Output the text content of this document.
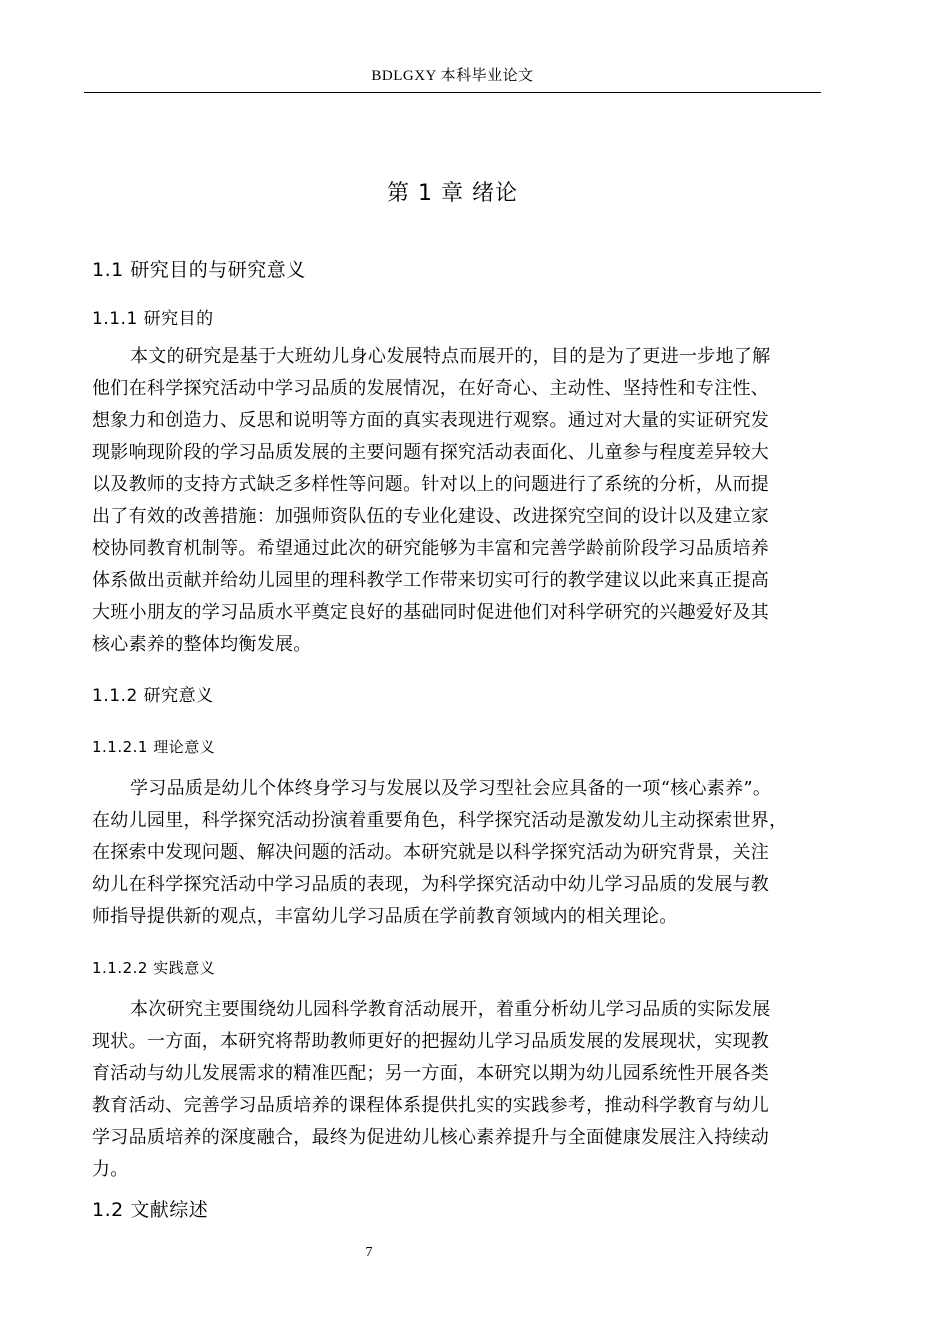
BDLGXY 本科毕业论文
第 1 章 绪论
1.1 研究目的与研究意义
1.1.1 研究目的
本文的研究是基于大班幼儿身心发展特点而展开的，目的是为了更进一步地了解
他们在科学探究活动中学习品质的发展情况，在好奇心、主动性、坚持性和专注性、
想象力和创造力、反思和说明等方面的真实表现进行观察。通过对大量的实证研究发
现影响现阶段的学习品质发展的主要问题有探究活动表面化、儿童参与程度差异较大
以及教师的支持方式缺乏多样性等问题。针对以上的问题进行了系统的分析，从而提
出了有效的改善措施：加强师资队伍的专业化建设、改进探究空间的设计以及建立家
校协同教育机制等。希望通过此次的研究能够为丰富和完善学龄前阶段学习品质培养
体系做出贡献并给幼儿园里的理科教学工作带来切实可行的教学建议以此来真正提高
大班小朋友的学习品质水平奠定良好的基础同时促进他们对科学研究的兴趣爱好及其
核心素养的整体均衡发展。
1.1.2 研究意义
1.1.2.1 理论意义
学习品质是幼儿个体终身学习与发展以及学习型社会应具备的一项“核心素养”。
在幼儿园里，科学探究活动扮演着重要角色，科学探究活动是激发幼儿主动探索世界，
在探索中发现问题、解决问题的活动。本研究就是以科学探究活动为研究背景，关注
幼儿在科学探究活动中学习品质的表现，为科学探究活动中幼儿学习品质的发展与教
师指导提供新的观点，丰富幼儿学习品质在学前教育领域内的相关理论。
1.1.2.2 实践意义
本次研究主要围绕幼儿园科学教育活动展开，着重分析幼儿学习品质的实际发展
现状。一方面，本研究将帮助教师更好的把握幼儿学习品质发展的发展现状，实现教
育活动与幼儿发展需求的精准匹配；另一方面，本研究以期为幼儿园系统性开展各类
教育活动、完善学习品质培养的课程体系提供扎实的实践参考，推动科学教育与幼儿
学习品质培养的深度融合，最终为促进幼儿核心素养提升与全面健康发展注入持续动
力。
1.2 文献综述
7
